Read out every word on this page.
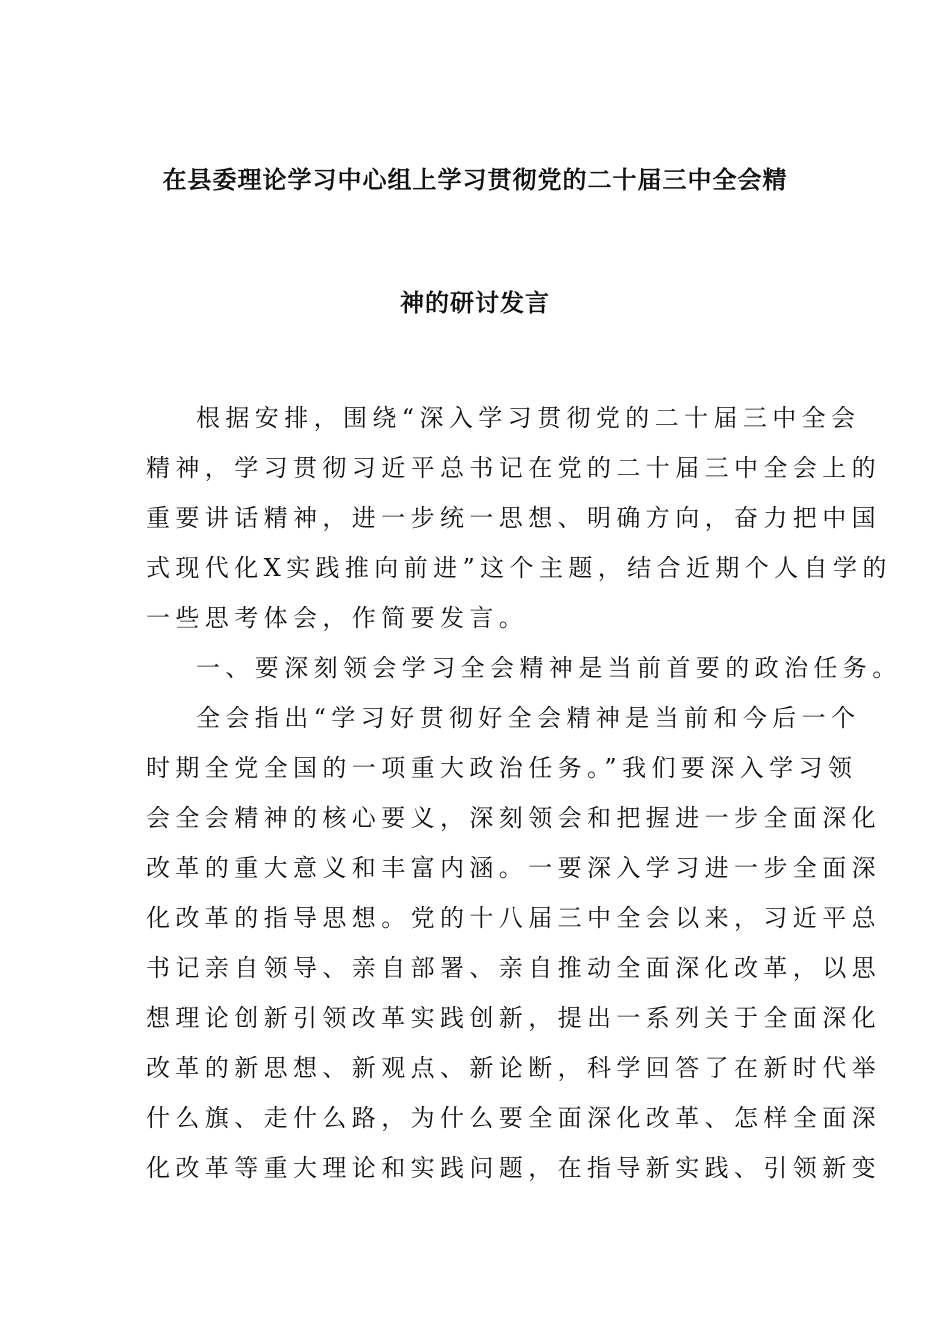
在县委理论学习中心组上学习贯彻党的二十届三中全会精
神的研讨发言
根据安排，围绕“深入学习贯彻党的二十届三中全会
精神，学习贯彻习近平总书记在党的二十届三中全会上的
重要讲话精神，进一步统一思想、明确方向，奋力把中国
式现代化X实践推向前进”这个主题，结合近期个人自学的
一些思考体会，作简要发言。
一、要深刻领会学习全会精神是当前首要的政治任务。
全会指出“学习好贯彻好全会精神是当前和今后一个
时期全党全国的一项重大政治任务。”我们要深入学习领
会全会精神的核心要义，深刻领会和把握进一步全面深化
改革的重大意义和丰富内涵。一要深入学习进一步全面深
化改革的指导思想。党的十八届三中全会以来，习近平总
书记亲自领导、亲自部署、亲自推动全面深化改革，以思
想理论创新引领改革实践创新，提出一系列关于全面深化
改革的新思想、新观点、新论断，科学回答了在新时代举
什么旗、走什么路，为什么要全面深化改革、怎样全面深
化改革等重大理论和实践问题，在指导新实践、引领新变
